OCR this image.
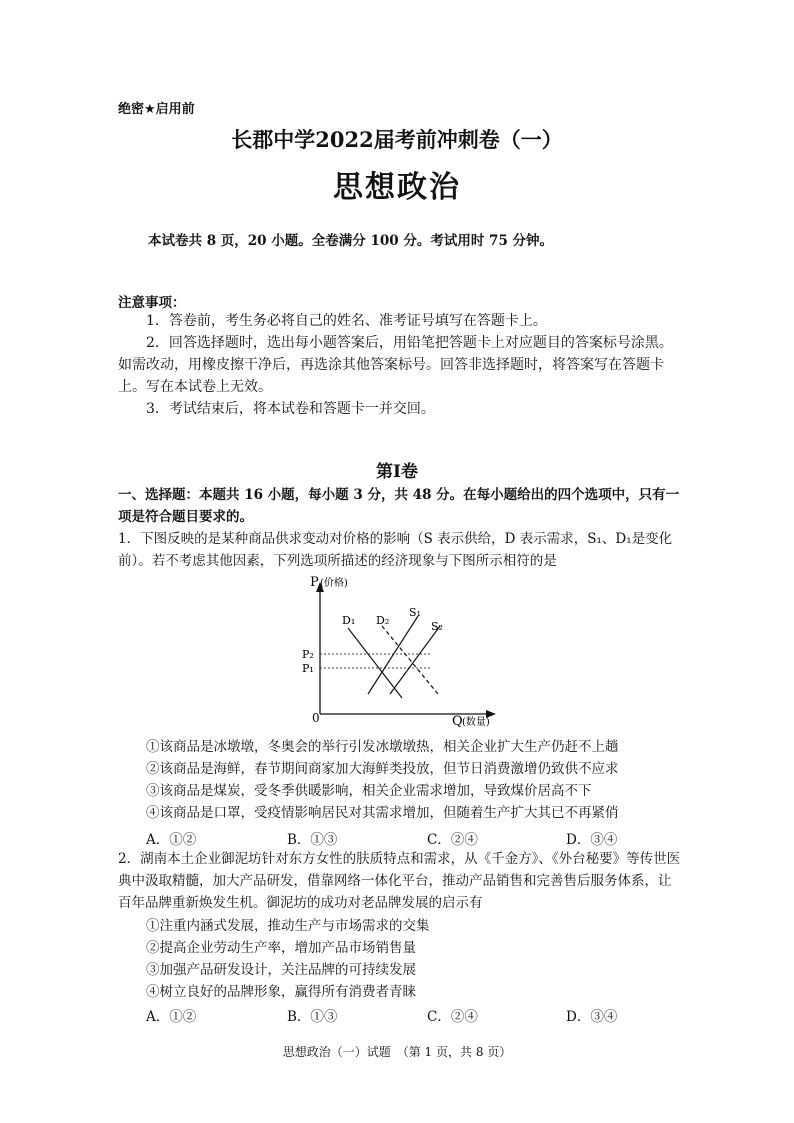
绝密★启用前
长郡中学2022届考前冲刺卷（一）
思想政治
本试卷共 8 页，20 小题。全卷满分 100 分。考试用时 75 分钟。
注意事项：
1．答卷前，考生务必将自己的姓名、准考证号填写在答题卡上。
2．回答选择题时，选出每小题答案后，用铅笔把答题卡上对应题目的答案标号涂黑。如需改动，用橡皮擦干净后，再选涂其他答案标号。回答非选择题时，将答案写在答题卡上。写在本试卷上无效。
3．考试结束后，将本试卷和答题卡一并交回。
第Ⅰ卷
一、选择题：本题共 16 小题，每小题 3 分，共 48 分。在每小题给出的四个选项中，只有一项是符合题目要求的。
1．下图反映的是某种商品供求变动对价格的影响（S 表示供给，D 表示需求，S₁、D₁是变化前）。若不考虑其他因素，下列选项所描述的经济现象与下图所示相符的是
P (价格)
Q (数量)
0
P₂
P₁
D₁ D₂
S₁
S₂
①该商品是冰墩墩，冬奥会的举行引发冰墩墩热，相关企业扩大生产仍赶不上趟
②该商品是海鲜，春节期间商家加大海鲜类投放，但节日消费激增仍致供不应求
③该商品是煤炭，受冬季供暖影响，相关企业需求增加，导致煤价居高不下
④该商品是口罩，受疫情影响居民对其需求增加，但随着生产扩大其已不再紧俏
A．①②	B．①③	C．②④	D．③④
2．湖南本土企业御泥坊针对东方女性的肤质特点和需求，从《千金方》、《外台秘要》等传世医典中汲取精髓，加大产品研发，借靠网络一体化平台，推动产品销售和完善售后服务体系，让百年品牌重新焕发生机。御泥坊的成功对老品牌发展的启示有
①注重内涵式发展，推动生产与市场需求的交集
②提高企业劳动生产率，增加产品市场销售量
③加强产品研发设计，关注品牌的可持续发展
④树立良好的品牌形象，赢得所有消费者青睐
A．①②	B．①③	C．②④	D．③④
思想政治（一）试题　（第 1 页，共 8 页）
